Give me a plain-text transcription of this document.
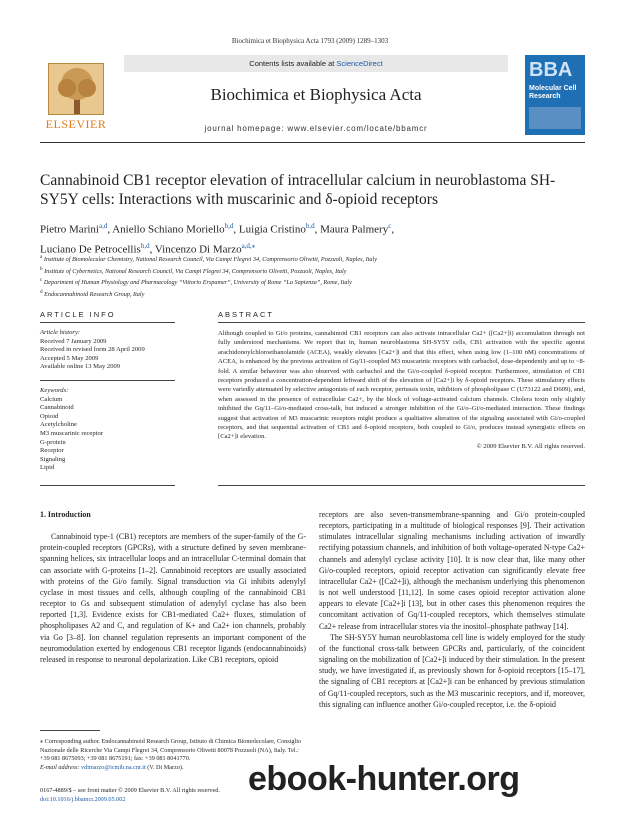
Biochimica et Biophysica Acta 1793 (2009) 1289–1303
ELSEVIER
Contents lists available at ScienceDirect
Biochimica et Biophysica Acta
journal homepage: www.elsevier.com/locate/bbamcr
BBA
Molecular Cell Research
Cannabinoid CB1 receptor elevation of intracellular calcium in neuroblastoma SH-SY5Y cells: Interactions with muscarinic and δ-opioid receptors
Pietro Marini$^{a,d}$, Aniello Schiano Moriello$^{b,d}$, Luigia Cristino$^{b,d}$, Maura Palmery$^c$,
Luciano De Petrocellis$^{b,d}$, Vincenzo Di Marzo$^{a,d,⁎}$
$^a$ Institute of Biomolecular Chemistry, National Research Council, Via Campi Flegrei 34, Comprensorio Olivetti, Pozzuoli, Naples, Italy
$^b$ Institute of Cybernetics, National Research Council, Via Campi Flegrei 34, Comprensorio Olivetti, Pozzuoli, Naples, Italy
$^c$ Department of Human Physiology and Pharmacology “Vittorio Erspamer”, University of Rome “La Sapienza”, Rome, Italy
$^d$ Endocannabinoid Research Group, Italy
ARTICLE INFO	ABSTRACT
Article history:
Received 7 January 2009
Received in revised form 28 April 2009
Accepted 5 May 2009
Available online 13 May 2009
Keywords:
Calcium
Cannabinoid
Opioid
Acetylcholine
M3 muscarinic receptor
G-protein
Receptor
Signaling
Lipid
Although coupled to Gi/o proteins, cannabinoid CB1 receptors can also activate intracellular Ca2+ ([Ca2+]i) accumulation through not fully understood mechanisms. We report that in, human neuroblastoma SH-SY5Y cells, CB1 activation with the specific agonist arachidonoylchloroethanolamide (ACEA), weakly elevates [Ca2+]i and that this effect, when using low (1–100 nM) concentrations of ACEA, is enhanced by the previous activation of Gq/11-coupled M3 muscarinic receptors with carbachol, dose-dependently and up to ~8-fold. A similar behaviour was also observed with carbachol and the Gi/o-coupled δ-opioid receptor. Furthermore, stimulation of CB1 receptors produced a concentration-dependent leftward shift of the elevation of [Ca2+]i by δ-opioid receptors. These stimulatory effects were variedly attenuated by selective antagonists of each receptor, pertussis toxin, inhibitors of phospholipase C (U73122 and D609), and, when assessed in the presence of extracellular Ca2+, by the block of voltage-activated calcium channels. Cholera toxin only slightly inhibited the Gq/11–Gi/o-mediated cross-talk, but induced a stronger inhibition of the Gi/o–Gi/o-mediated interaction. These findings suggest that activation of M3 muscarinic receptors might produce a qualitative alteration of the signaling associated with Gi/o-coupled receptors, and that sequential activation of CB1 and δ-opioid receptors, both coupled to Gi/o, produces instead synergistic effects on [Ca2+]i elevation.
© 2009 Elsevier B.V. All rights reserved.
1. Introduction

Cannabinoid type-1 (CB1) receptors are members of the super-family of the G-protein-coupled receptors (GPCRs), with a structure defined by seven membrane-spanning helices, six intracellular loops and an intracellular C-terminal domain that can associate with G-proteins [1–2]. Cannabinoid receptors are usually associated with proteins of the Gi/o family. Signal transduction via Gi inhibits adenylyl cyclase in most tissues and cells, although coupling of the cannabinoid CB1 receptor to Gs and subsequent stimulation of adenylyl cyclase has also been reported [1,3]. Evidence exists for CB1-mediated Ca2+ fluxes, stimulation of phospholipases A2 and C, and regulation of K+ and Ca2+ ion channels, probably via Go [3–8]. Ion channel regulation represents an important component of the neuromodulation exerted by endogenous CB1 receptor ligands (endocannabinoids) released in response to neuronal depolarization. Like CB1 receptors, opioid

receptors are also seven-transmembrane-spanning and Gi/o protein-coupled receptors, participating in a multitude of biological responses [9]. Their activation stimulates intracellular signaling mechanisms including activation of inwardly rectifying potassium channels, and inhibition of both voltage-operated N-type Ca2+ channels and adenylyl cyclase activity [10]. It is now clear that, like many other Gi/o-coupled receptors, opioid receptor activation can significantly elevate free intracellular Ca2+ ([Ca2+]i), although the mechanism underlying this phenomenon is not well understood [11,12]. In some cases opioid receptor activation alone appears to elevate [Ca2+]i [13], but in other cases this phenomenon requires the concomitant activation of Gq/11-coupled receptors, which themselves stimulate Ca2+ release from intracellular stores via the inositol–phosphate pathway [14].

The SH-SY5Y human neuroblastoma cell line is widely employed for the study of the functional cross-talk between GPCRs and, particularly, of the coincident signaling on the mobilization of [Ca2+]i induced by their stimulation. In the present study, we have investigated if, as previously shown for δ-opioid receptors [15–17], the signaling of CB1 receptors at [Ca2+]i can be enhanced by previous stimulation of Gq/11-coupled receptors, such as the M3 muscarinic receptors, and if, moreover, this signaling can influence another Gi/o-coupled receptor, i.e. the δ-opioid

⁎ Corresponding author. Endocannabinoid Research Group, Istituto di Chimica Biomolecolare, Consiglio Nazionale delle Ricerche Via Campi Flegrei 34, Comprensorio Olivetti 80078 Pozzuoli (NA), Italy. Tel.: +39 081 8675093; +39 081 8675191; fax: +39 081 8041770.
E-mail address: vdimarzo@icmib.na.cnr.it (V. Di Marzo).
0167-4889/$ – see front matter © 2009 Elsevier B.V. All rights reserved.
doi:10.1016/j.bbamcr.2009.05.002
ebook-hunter.org
